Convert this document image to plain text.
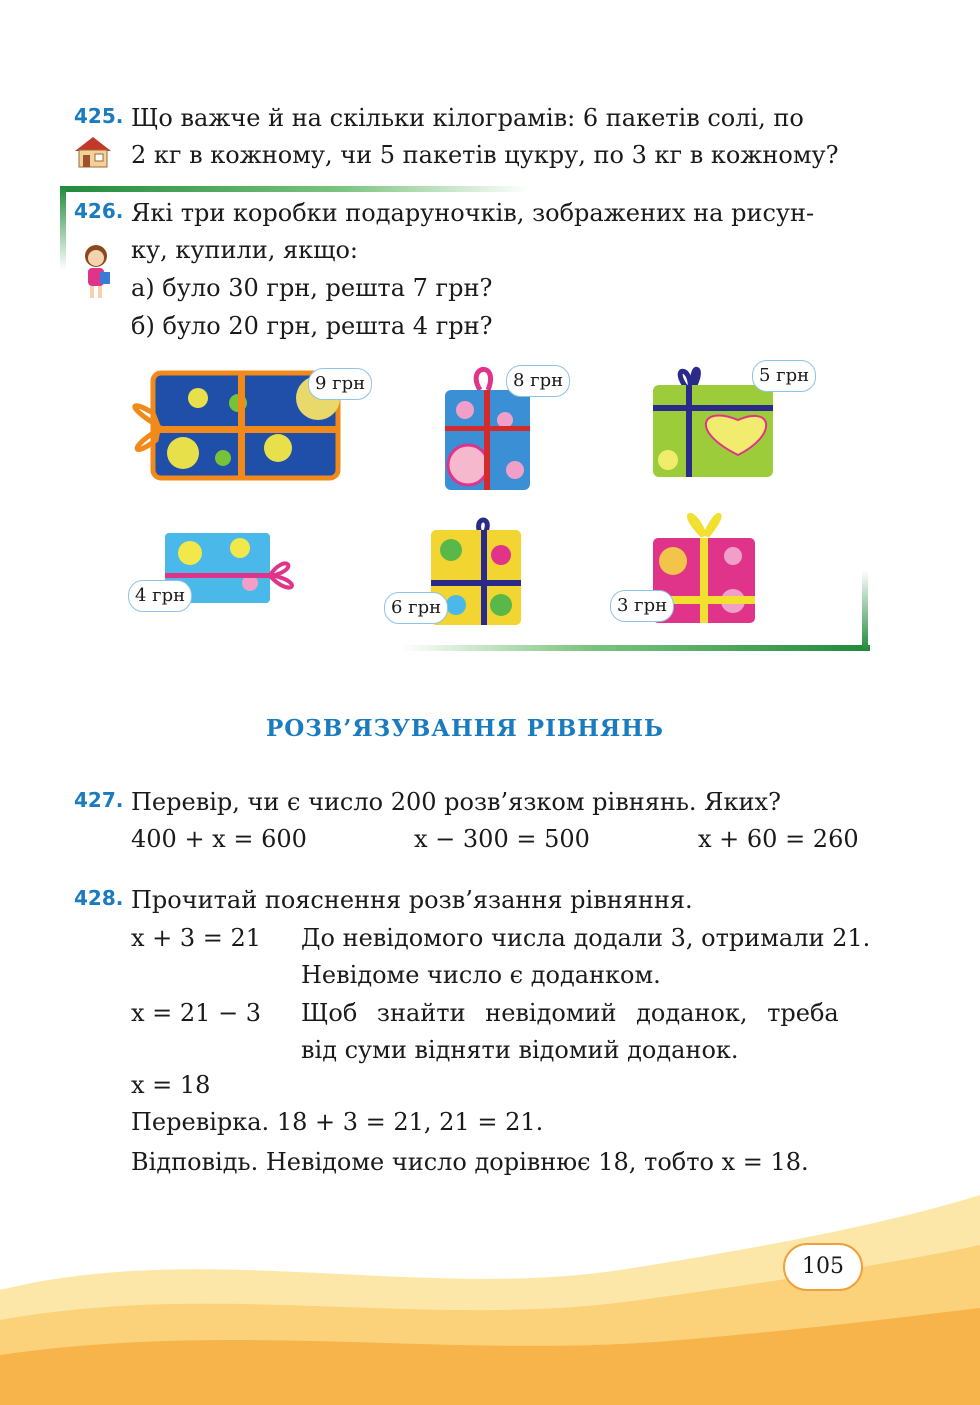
425. Що важче й на скільки кілограмів: 6 пакетів солі, по
2 кг в кожному, чи 5 пакетів цукру, по 3 кг в кожному?
426. Які три коробки подаруночків, зображених на рисун-
ку, купили, якщо:
а) було 30 грн, решта 7 грн?
б) було 20 грн, решта 4 грн?
9 грн	8 грн	5 грн
4 грн
6 грн	3 грн
РОЗВ’ЯЗУВАННЯ РІВНЯНЬ
427. Перевір, чи є число 200 розв’язком рівнянь. Яких?
400 + x = 600	x − 300 = 500	x + 60 = 260
428. Прочитай пояснення розв’язання рівняння.
x + 3 = 21 До невідомого числа додали 3, отримали 21.
Невідоме число є доданком.
x = 21 − 3 Щоб знайти невідомий доданок, треба
від суми відняти відомий доданок.
x = 18
Перевірка. 18 + 3 = 21, 21 = 21.
Відповідь. Невідоме число дорівнює 18, тобто x = 18.
105
